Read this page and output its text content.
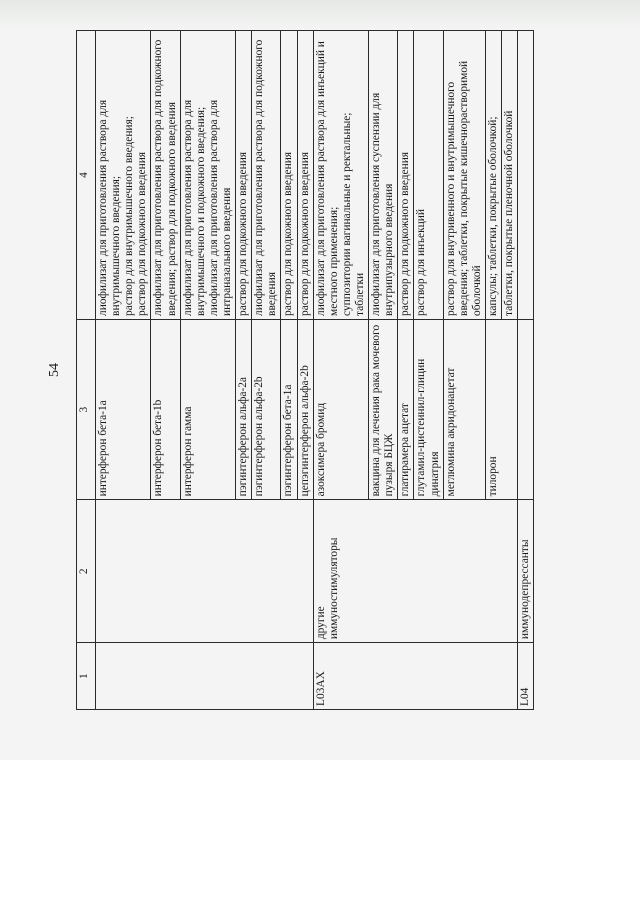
54
1	2	3	4
		интерферон бета-1a	лиофилизат для приготовления раствора для внутримышечного введения; раствор для внутримышечного введения; раствор для подкожного введения

		интерферон бета-1b	лиофилизат для приготовления раствора для подкожного введения; раствор для подкожного введения

		интерферон гамма	лиофилизат для приготовления раствора для внутримышечного и подкожного введения; лиофилизат для приготовления раствора для интраназального введения

		пэгинтерферон альфа-2a	раствор для подкожного введения

		пэгинтерферон альфа-2b	лиофилизат для приготовления раствора для подкожного введения

		пэгинтерферон бета-1a	раствор для подкожного введения

		цепэгинтерферон альфа-2b	раствор для подкожного введения

L03AX	другие иммуностимуляторы	азоксимера бромид	лиофилизат для приготовления раствора для инъекций и местного применения; суппозитории вагинальные и ректальные; таблетки

		вакцина для лечения рака мочевого пузыря БЦЖ	лиофилизат для приготовления суспензии для внутрипузырного введения

		глатирамера ацетат	раствор для подкожного введения

		глутамил-цистеинил-глицин динатрия	раствор для инъекций

		меглюмина акридонацетат	раствор для внутривенного и внутримышечного введения; таблетки, покрытые кишечнорастворимой оболочкой

		тилорон	капсулы; таблетки, покрытые оболочкой;

			таблетки, покрытые пленочной оболочкой

L04	иммунодепрессанты		
